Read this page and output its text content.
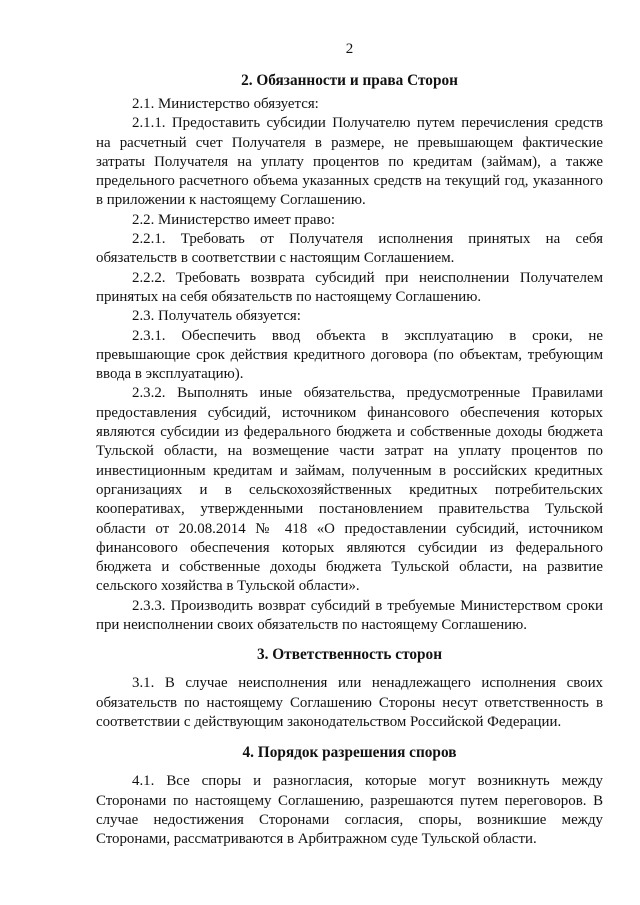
2
2. Обязанности и права Сторон

2.1. Министерство обязуется:

2.1.1. Предоставить субсидии Получателю путем перечисления средств на расчетный счет Получателя в размере, не превышающем фактические затраты Получателя на уплату процентов по кредитам (займам), а также предельного расчетного объема указанных средств на текущий год, указанного в приложении к настоящему Соглашению.

2.2. Министерство имеет право:

2.2.1. Требовать от Получателя исполнения принятых на себя обязательств в соответствии с настоящим Соглашением.

2.2.2. Требовать возврата субсидий при неисполнении Получателем принятых на себя обязательств по настоящему Соглашению.

2.3. Получатель обязуется:

2.3.1. Обеспечить ввод объекта в эксплуатацию в сроки, не превышающие срок действия кредитного договора (по объектам, требующим ввода в эксплуатацию).

2.3.2. Выполнять иные обязательства, предусмотренные Правилами предоставления субсидий, источником финансового обеспечения которых являются субсидии из федерального бюджета и собственные доходы бюджета Тульской области, на возмещение части затрат на уплату процентов по инвестиционным кредитам и займам, полученным в российских кредитных организациях и в сельскохозяйственных кредитных потребительских кооперативах, утвержденными постановлением правительства Тульской области от 20.08.2014 № 418 «О предоставлении субсидий, источником финансового обеспечения которых являются субсидии из федерального бюджета и собственные доходы бюджета Тульской области, на развитие сельского хозяйства в Тульской области».

2.3.3. Производить возврат субсидий в требуемые Министерством сроки при неисполнении своих обязательств по настоящему Соглашению.

3. Ответственность сторон

3.1. В случае неисполнения или ненадлежащего исполнения своих обязательств по настоящему Соглашению Стороны несут ответственность в соответствии с действующим законодательством Российской Федерации.

4. Порядок разрешения споров

4.1. Все споры и разногласия, которые могут возникнуть между Сторонами по настоящему Соглашению, разрешаются путем переговоров. В случае недостижения Сторонами согласия, споры, возникшие между Сторонами, рассматриваются в Арбитражном суде Тульской области.
